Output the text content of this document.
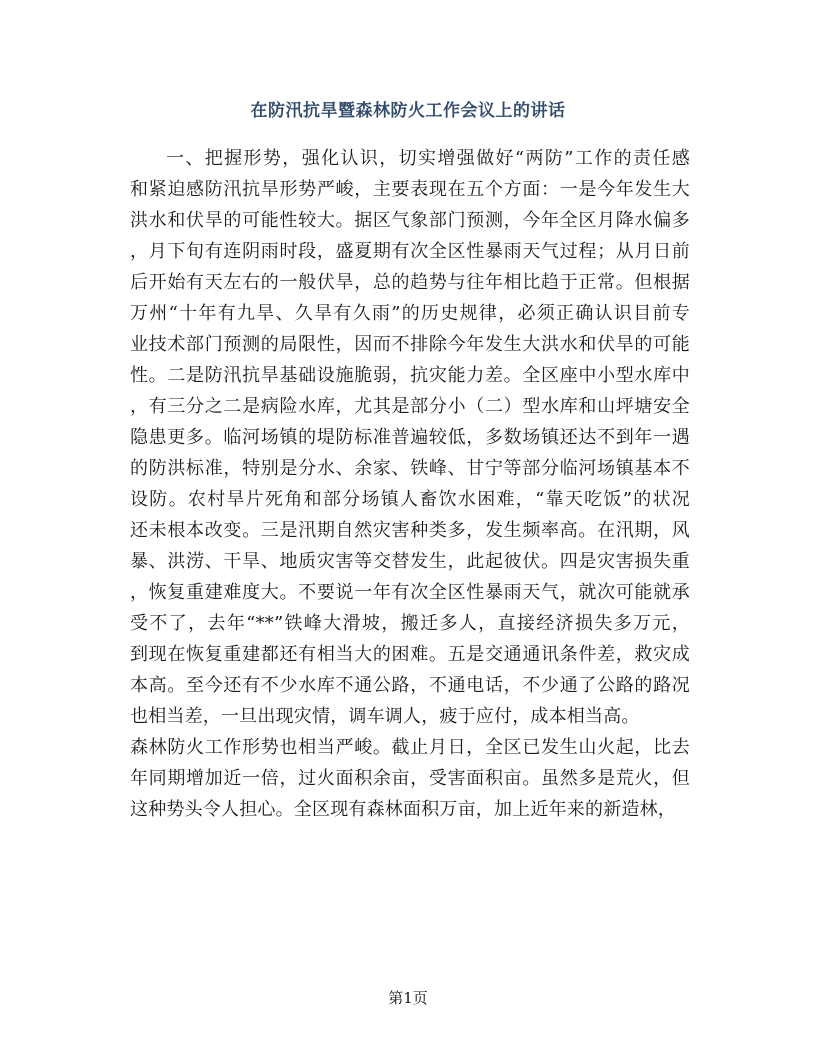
在防汛抗旱暨森林防火工作会议上的讲话
一、把握形势，强化认识，切实增强做好“两防”工作的责任感
和紧迫感防汛抗旱形势严峻，主要表现在五个方面：一是今年发生大
洪水和伏旱的可能性较大。据区气象部门预测，今年全区月降水偏多
，月下旬有连阴雨时段，盛夏期有次全区性暴雨天气过程；从月日前
后开始有天左右的一般伏旱，总的趋势与往年相比趋于正常。但根据
万州“十年有九旱、久旱有久雨”的历史规律，必须正确认识目前专
业技术部门预测的局限性，因而不排除今年发生大洪水和伏旱的可能
性。二是防汛抗旱基础设施脆弱，抗灾能力差。全区座中小型水库中
，有三分之二是病险水库，尤其是部分小（二）型水库和山坪塘安全
隐患更多。临河场镇的堤防标准普遍较低，多数场镇还达不到年一遇
的防洪标准，特别是分水、余家、铁峰、甘宁等部分临河场镇基本不
设防。农村旱片死角和部分场镇人畜饮水困难，“靠天吃饭”的状况
还未根本改变。三是汛期自然灾害种类多，发生频率高。在汛期，风
暴、洪涝、干旱、地质灾害等交替发生，此起彼伏。四是灾害损失重
，恢复重建难度大。不要说一年有次全区性暴雨天气，就次可能就承
受不了，去年“**”铁峰大滑坡，搬迁多人，直接经济损失多万元，
到现在恢复重建都还有相当大的困难。五是交通通讯条件差，救灾成
本高。至今还有不少水库不通公路，不通电话，不少通了公路的路况
也相当差，一旦出现灾情，调车调人，疲于应付，成本相当高。
森林防火工作形势也相当严峻。截止月日，全区已发生山火起，比去
年同期增加近一倍，过火面积余亩，受害面积亩。虽然多是荒火，但
这种势头令人担心。全区现有森林面积万亩，加上近年来的新造林，
第1页
